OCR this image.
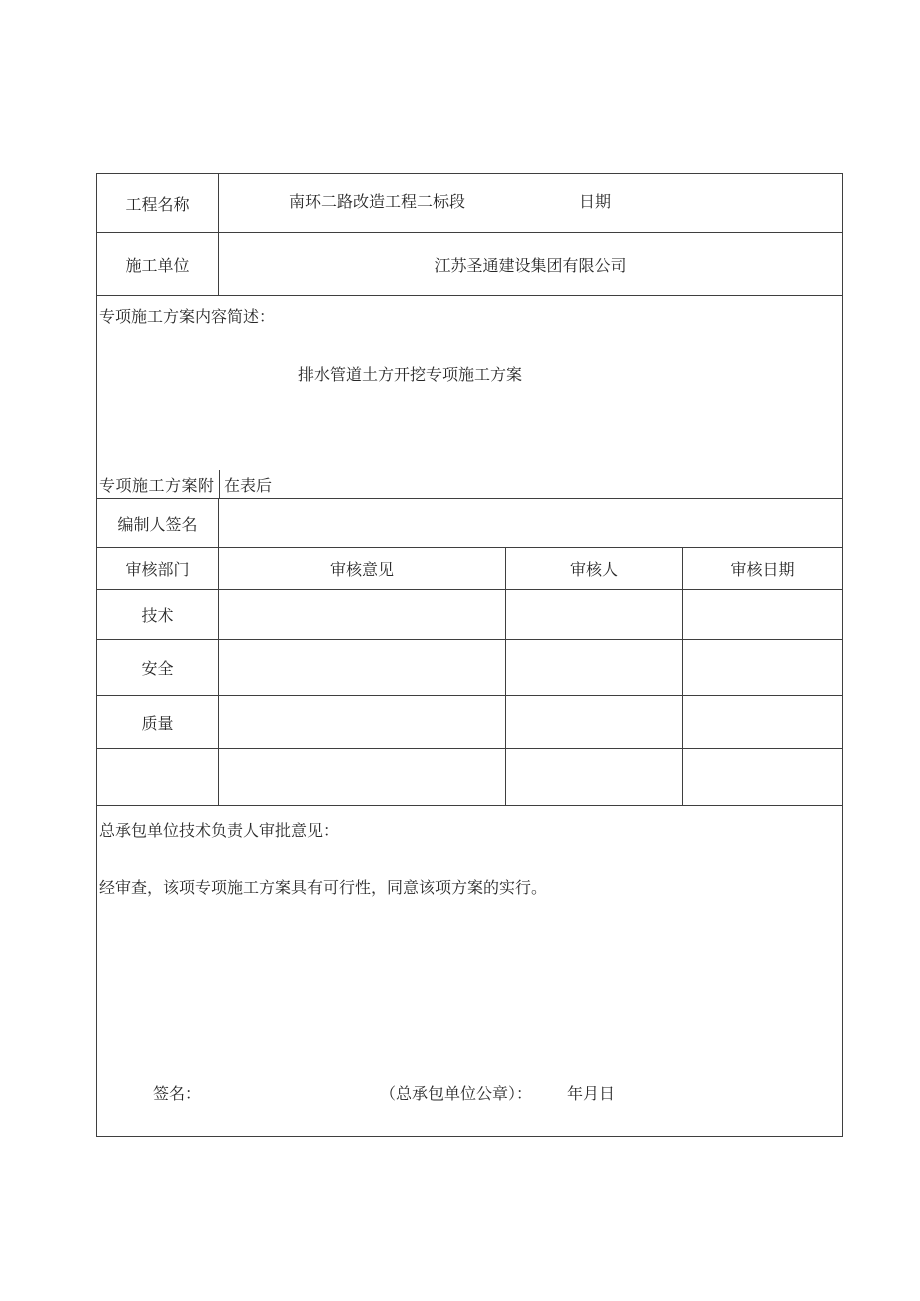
工程名称	南环二路改造工程二标段	日期
施工单位	江苏圣通建设集团有限公司
专项施工方案内容简述：
排水管道土方开挖专项施工方案
专项施工方案附 在表后
编制人签名
审核部门	审核意见	审核人	审核日期
技术
安全
质量
总承包单位技术负责人审批意见：
经审查，该项专项施工方案具有可行性，同意该项方案的实行。
签名：	（总承包单位公章）： 年月日
